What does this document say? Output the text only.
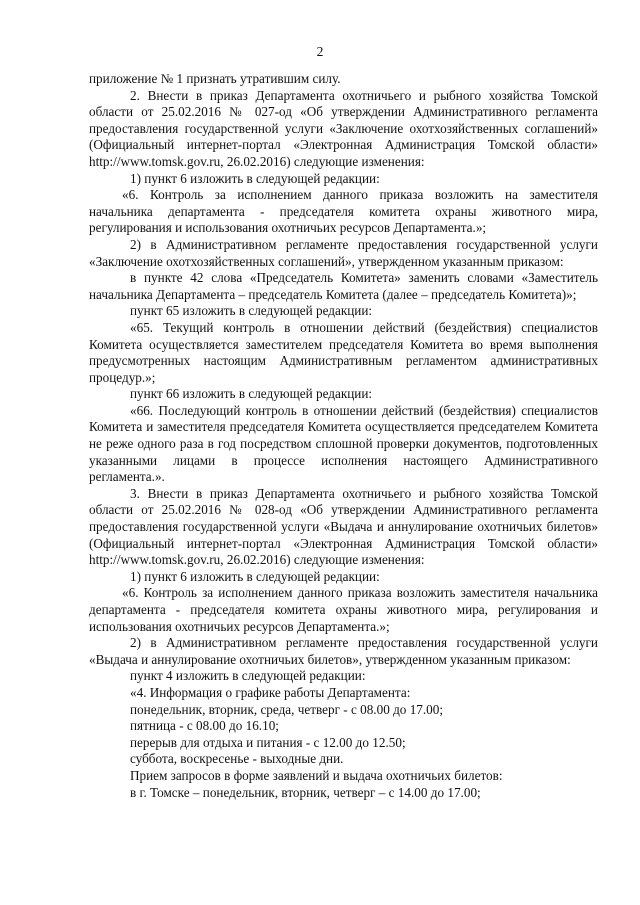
2

приложение № 1 признать утратившим силу.

2. Внести в приказ Департамента охотничьего и рыбного хозяйства Томской области от 25.02.2016 № 027-од «Об утверждении Административного регламента предоставления государственной услуги «Заключение охотхозяйственных соглашений» (Официальный интернет-портал «Электронная Администрация Томской области» http://www.tomsk.gov.ru, 26.02.2016) следующие изменения:

1) пункт 6 изложить в следующей редакции:

«6. Контроль за исполнением данного приказа возложить на заместителя начальника департамента - председателя комитета охраны животного мира, регулирования и использования охотничьих ресурсов Департамента.»;

2) в Административном регламенте предоставления государственной услуги «Заключение охотхозяйственных соглашений», утвержденном указанным приказом:

в пункте 42 слова «Председатель Комитета» заменить словами «Заместитель начальника Департамента – председатель Комитета (далее – председатель Комитета)»;

пункт 65 изложить в следующей редакции:

«65. Текущий контроль в отношении действий (бездействия) специалистов Комитета осуществляется заместителем председателя Комитета во время выполнения предусмотренных настоящим Административным регламентом административных процедур.»;

пункт 66 изложить в следующей редакции:

«66. Последующий контроль в отношении действий (бездействия) специалистов Комитета и заместителя председателя Комитета осуществляется председателем Комитета не реже одного раза в год посредством сплошной проверки документов, подготовленных указанными лицами в процессе исполнения настоящего Административного регламента.».

3. Внести в приказ Департамента охотничьего и рыбного хозяйства Томской области от 25.02.2016 № 028-од «Об утверждении Административного регламента предоставления государственной услуги «Выдача и аннулирование охотничьих билетов» (Официальный интернет-портал «Электронная Администрация Томской области» http://www.tomsk.gov.ru, 26.02.2016) следующие изменения:

1) пункт 6 изложить в следующей редакции:

«6. Контроль за исполнением данного приказа возложить заместителя начальника департамента - председателя комитета охраны животного мира, регулирования и использования охотничьих ресурсов Департамента.»;

2) в Административном регламенте предоставления государственной услуги «Выдача и аннулирование охотничьих билетов», утвержденном указанным приказом:

пункт 4 изложить в следующей редакции:

«4. Информация о графике работы Департамента:

понедельник, вторник, среда, четверг - с 08.00 до 17.00;

пятница - с 08.00 до 16.10;

перерыв для отдыха и питания - с 12.00 до 12.50;

суббота, воскресенье - выходные дни.

Прием запросов в форме заявлений и выдача охотничьих билетов:

в г. Томске – понедельник, вторник, четверг – с 14.00 до 17.00;
